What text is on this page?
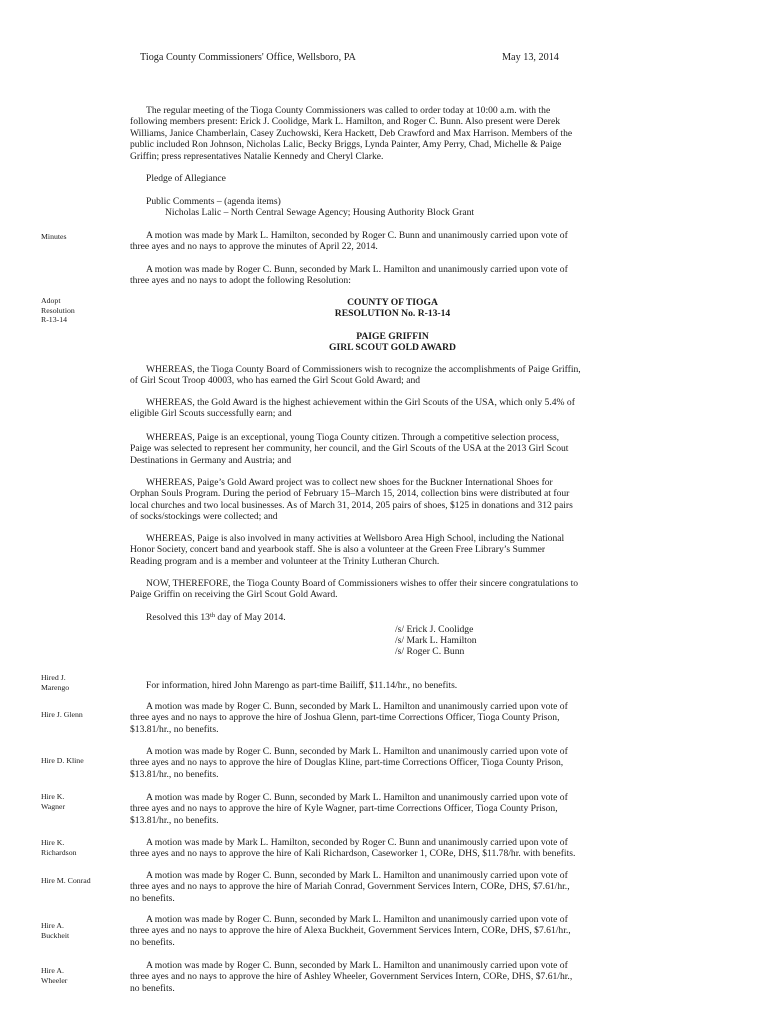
Tioga County Commissioners' Office, Wellsboro, PA	May 13, 2014

The regular meeting of the Tioga County Commissioners was called to order today at 10:00 a.m. with the

following members present: Erick J. Coolidge, Mark L. Hamilton, and Roger C. Bunn. Also present were Derek

Williams, Janice Chamberlain, Casey Zuchowski, Kera Hackett, Deb Crawford and Max Harrison. Members of the

public included Ron Johnson, Nicholas Lalic, Becky Briggs, Lynda Painter, Amy Perry, Chad, Michelle & Paige

Griffin; press representatives Natalie Kennedy and Cheryl Clarke.

Pledge of Allegiance
Public Comments – (agenda items)
Nicholas Lalic – North Central Sewage Agency; Housing Authority Block Grant
Minutes	A motion was made by Mark L. Hamilton, seconded by Roger C. Bunn and unanimously carried upon vote of

three ayes and no nays to approve the minutes of April 22, 2014.

A motion was made by Roger C. Bunn, seconded by Mark L. Hamilton and unanimously carried upon vote of

three ayes and no nays to adopt the following Resolution:

Adopt
Resolution
R-13-14
COUNTY OF TIOGA
RESOLUTION No. R-13-14
PAIGE GRIFFIN
GIRL SCOUT GOLD AWARD

WHEREAS, the Tioga County Board of Commissioners wish to recognize the accomplishments of Paige Griffin,

of Girl Scout Troop 40003, who has earned the Girl Scout Gold Award; and

WHEREAS, the Gold Award is the highest achievement within the Girl Scouts of the USA, which only 5.4% of

eligible Girl Scouts successfully earn; and

WHEREAS, Paige is an exceptional, young Tioga County citizen. Through a competitive selection process,

Paige was selected to represent her community, her council, and the Girl Scouts of the USA at the 2013 Girl Scout

Destinations in Germany and Austria; and

WHEREAS, Paige’s Gold Award project was to collect new shoes for the Buckner International Shoes for

Orphan Souls Program. During the period of February 15–March 15, 2014, collection bins were distributed at four

local churches and two local businesses. As of March 31, 2014, 205 pairs of shoes, $125 in donations and 312 pairs

of socks/stockings were collected; and

WHEREAS, Paige is also involved in many activities at Wellsboro Area High School, including the National

Honor Society, concert band and yearbook staff. She is also a volunteer at the Green Free Library’s Summer

Reading program and is a member and volunteer at the Trinity Lutheran Church.

NOW, THEREFORE, the Tioga County Board of Commissioners wishes to offer their sincere congratulations to

Paige Griffin on receiving the Girl Scout Gold Award.

Resolved this 13th day of May 2014.
/s/ Erick J. Coolidge
/s/ Mark L. Hamilton
/s/ Roger C. Bunn
Hired J.
Marengo	For information, hired John Marengo as part-time Bailiff, $11.14/hr., no benefits.

Hire J. Glenn

A motion was made by Roger C. Bunn, seconded by Mark L. Hamilton and unanimously carried upon vote of

three ayes and no nays to approve the hire of Joshua Glenn, part-time Corrections Officer, Tioga County Prison,

$13.81/hr., no benefits.

Hire D. Kline

A motion was made by Roger C. Bunn, seconded by Mark L. Hamilton and unanimously carried upon vote of

three ayes and no nays to approve the hire of Douglas Kline, part-time Corrections Officer, Tioga County Prison,

$13.81/hr., no benefits.

Hire K.
Wagner

A motion was made by Roger C. Bunn, seconded by Mark L. Hamilton and unanimously carried upon vote of

three ayes and no nays to approve the hire of Kyle Wagner, part-time Corrections Officer, Tioga County Prison,

$13.81/hr., no benefits.

Hire K.
Richardson

A motion was made by Mark L. Hamilton, seconded by Roger C. Bunn and unanimously carried upon vote of

three ayes and no nays to approve the hire of Kali Richardson, Caseworker 1, CORe, DHS, $11.78/hr. with benefits.

Hire M. Conrad	A motion was made by Roger C. Bunn, seconded by Mark L. Hamilton and unanimously carried upon vote of

three ayes and no nays to approve the hire of Mariah Conrad, Government Services Intern, CORe, DHS, $7.61/hr.,

no benefits.

Hire A.
Buckheit

A motion was made by Roger C. Bunn, seconded by Mark L. Hamilton and unanimously carried upon vote of

three ayes and no nays to approve the hire of Alexa Buckheit, Government Services Intern, CORe, DHS, $7.61/hr.,

no benefits.

Hire A.
Wheeler

A motion was made by Roger C. Bunn, seconded by Mark L. Hamilton and unanimously carried upon vote of

three ayes and no nays to approve the hire of Ashley Wheeler, Government Services Intern, CORe, DHS, $7.61/hr.,

no benefits.
